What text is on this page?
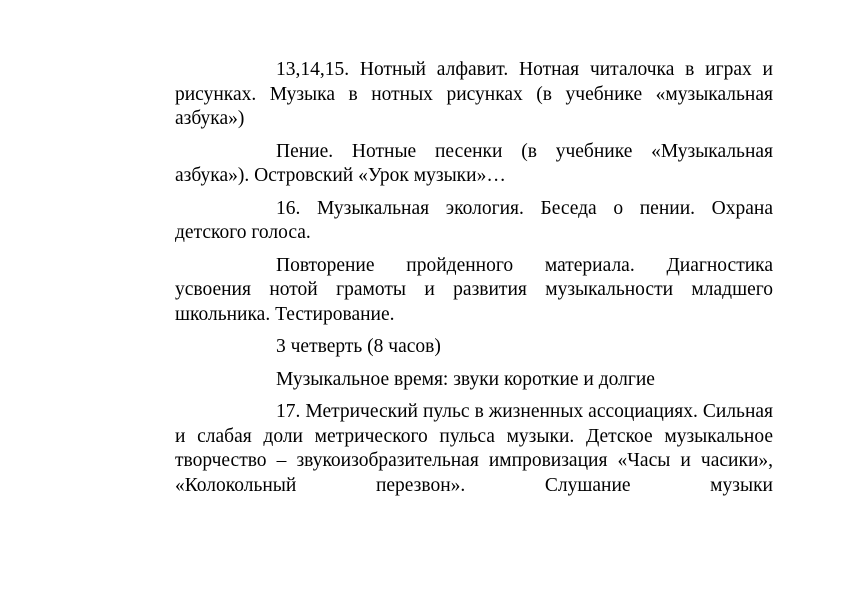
13,14,15. Нотный алфавит. Нотная читалочка в играх и рисунках. Музыка в нотных рисунках (в учебнике «музыкальная азбука»)

Пение. Нотные песенки (в учебнике «Музыкальная азбука»). Островский «Урок музыки»…

16. Музыкальная экология. Беседа о пении. Охрана детского голоса.

Повторение пройденного материала. Диагностика усвоения нотой грамоты и развития музыкальности младшего школьника. Тестирование.

3 четверть (8 часов)

Музыкальное время: звуки короткие и долгие

17. Метрический пульс в жизненных ассоциациях. Сильная и слабая доли метрического пульса музыки. Детское музыкальное творчество – звукоизобразительная импровизация «Часы и часики», «Колокольный перезвон». Слушание музыки
